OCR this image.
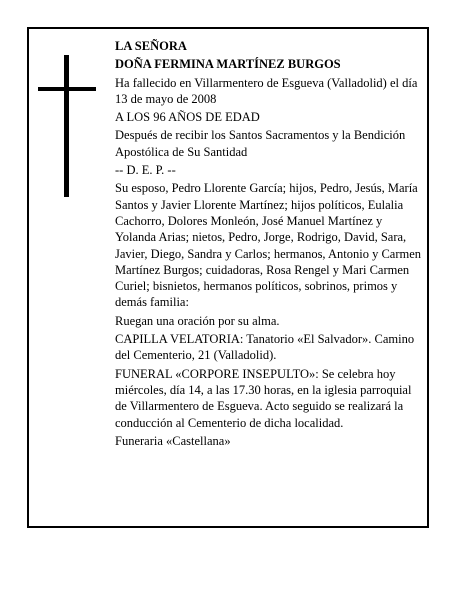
LA SEÑORA

DOÑA FERMINA MARTÍNEZ BURGOS

Ha fallecido en Villarmentero de Esgueva (Valladolid) el día 13 de mayo de 2008

A LOS 96 AÑOS DE EDAD

Después de recibir los Santos Sacramentos y la Bendición Apostólica de Su Santidad

-- D. E. P. --

Su esposo, Pedro Llorente García; hijos, Pedro, Jesús, María Santos y Javier Llorente Martínez; hijos políticos, Eulalia Cachorro, Dolores Monleón, José Manuel Martínez y Yolanda Arias; nietos, Pedro, Jorge, Rodrigo, David, Sara, Javier, Diego, Sandra y Carlos; hermanos, Antonio y Carmen Martínez Burgos; cuidadoras, Rosa Rengel y Mari Carmen Curiel; bisnietos, hermanos políticos, sobrinos, primos y demás familia:

Ruegan una oración por su alma.

CAPILLA VELATORIA: Tanatorio «El Salvador». Camino del Cementerio, 21 (Valladolid).

FUNERAL «CORPORE INSEPULTO»: Se celebra hoy miércoles, día 14, a las 17.30 horas, en la iglesia parroquial de Villarmentero de Esgueva. Acto seguido se realizará la conducción al Cementerio de dicha localidad.

Funeraria «Castellana»
